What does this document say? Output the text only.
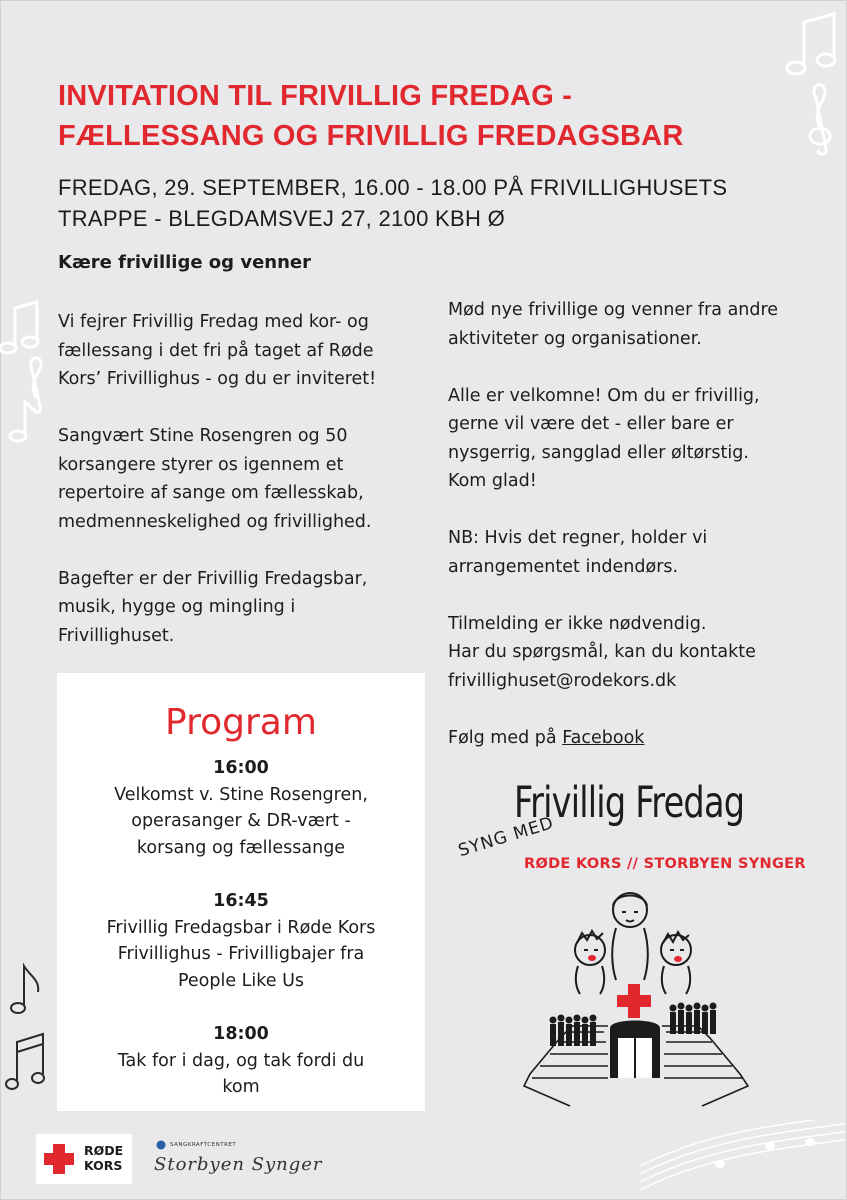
INVITATION TIL FRIVILLIG FREDAG -
FÆLLESSANG OG FRIVILLIG FREDAGSBAR
FREDAG, 29. SEPTEMBER, 16.00 - 18.00 PÅ FRIVILLIGHUSETS
TRAPPE - BLEGDAMSVEJ 27, 2100 KBH Ø
Kære frivillige og venner

Vi fejrer Frivillig Fredag med kor- og
fællessang i det fri på taget af Røde
Kors’ Frivillighus - og du er inviteret!

Sangvært Stine Rosengren og 50
korsangere styrer os igennem et
repertoire af sange om fællesskab,
medmenneskelighed og frivillighed.

Bagefter er der Frivillig Fredagsbar,
musik, hygge og mingling i
Frivillighuset.

Mød nye frivillige og venner fra andre
aktiviteter og organisationer.

Alle er velkomne! Om du er frivillig,
gerne vil være det - eller bare er
nysgerrig, sangglad eller øltørstig.
Kom glad!

NB: Hvis det regner, holder vi
arrangementet indendørs.

Tilmelding er ikke nødvendig.
Har du spørgsmål, kan du kontakte
frivillighuset@rodekors.dk

Følg med på Facebook

Program
16:00
Velkomst v. Stine Rosengren,
operasanger & DR-vært -
korsang og fællessange
16:45
Frivillig Fredagsbar i Røde Kors
Frivillighus - Frivilligbajer fra
People Like Us
18:00
Tak for i dag, og tak fordi du
kom
Frivillig Fredag
SYNG MED
RØDE KORS // STORBYEN SYNGER
RØDE
KORS
SANGKRAFTCENTRET
Storbyen Synger
